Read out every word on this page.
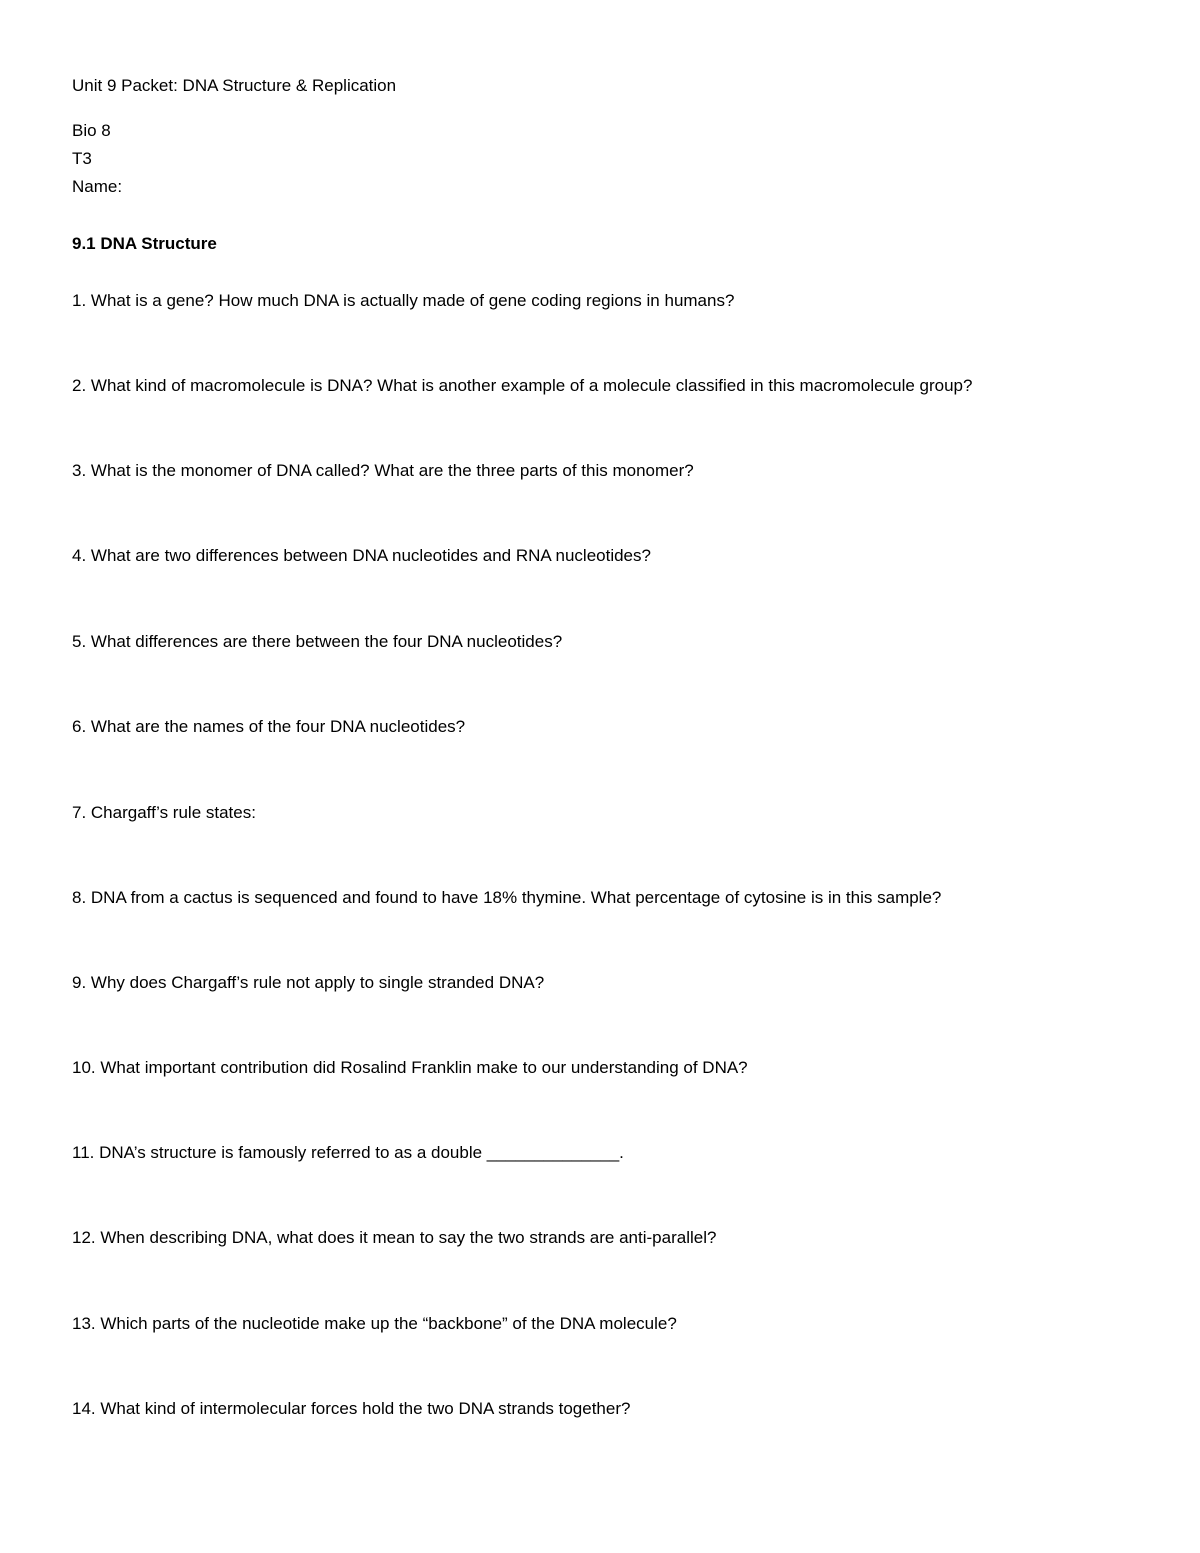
Unit 9 Packet: DNA Structure & Replication
Bio 8
T3
Name:
9.1 DNA Structure
1. What is a gene? How much DNA is actually made of gene coding regions in humans?
2. What kind of macromolecule is DNA? What is another example of a molecule classified in this macromolecule group?
3. What is the monomer of DNA called? What are the three parts of this monomer?
4. What are two differences between DNA nucleotides and RNA nucleotides?
5. What differences are there between the four DNA nucleotides?
6. What are the names of the four DNA nucleotides?
7. Chargaff’s rule states:
8. DNA from a cactus is sequenced and found to have 18% thymine. What percentage of cytosine is in this sample?
9. Why does Chargaff’s rule not apply to single stranded DNA?
10. What important contribution did Rosalind Franklin make to our understanding of DNA?
11. DNA’s structure is famously referred to as a double ______________.
12. When describing DNA, what does it mean to say the two strands are anti-parallel?
13. Which parts of the nucleotide make up the “backbone” of the DNA molecule?
14. What kind of intermolecular forces hold the two DNA strands together?
